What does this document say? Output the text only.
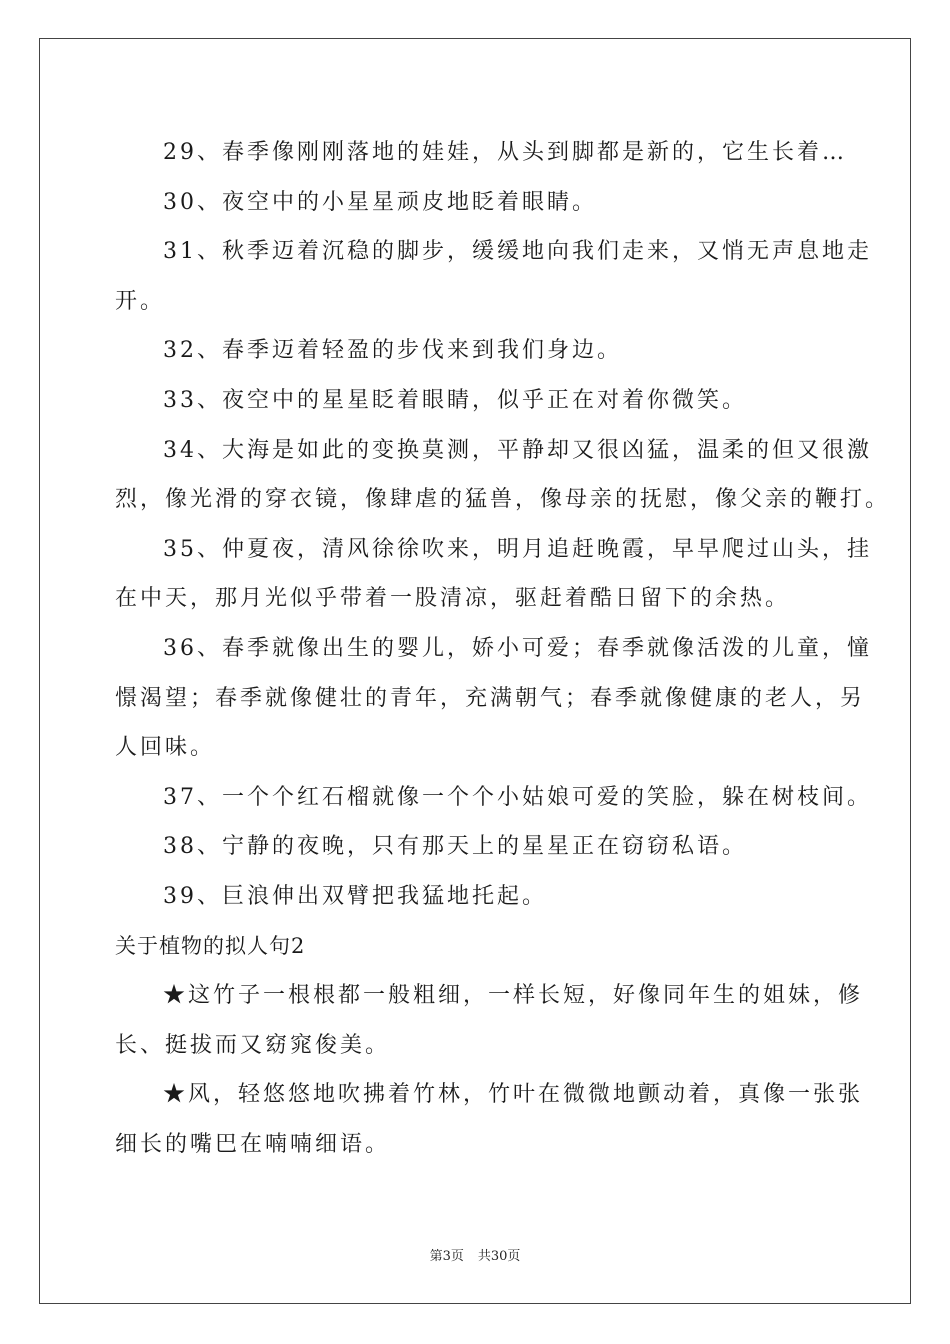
29、春季像刚刚落地的娃娃，从头到脚都是新的，它生长着…
30、夜空中的小星星顽皮地眨着眼睛。
31、秋季迈着沉稳的脚步，缓缓地向我们走来，又悄无声息地走
开。
32、春季迈着轻盈的步伐来到我们身边。
33、夜空中的星星眨着眼睛，似乎正在对着你微笑。
34、大海是如此的变换莫测，平静却又很凶猛，温柔的但又很激
烈，像光滑的穿衣镜，像肆虐的猛兽，像母亲的抚慰，像父亲的鞭打。
35、仲夏夜，清风徐徐吹来，明月追赶晚霞，早早爬过山头，挂
在中天，那月光似乎带着一股清凉，驱赶着酷日留下的余热。
36、春季就像出生的婴儿，娇小可爱；春季就像活泼的儿童，憧
憬渴望；春季就像健壮的青年，充满朝气；春季就像健康的老人，另
人回味。
37、一个个红石榴就像一个个小姑娘可爱的笑脸，躲在树枝间。
38、宁静的夜晚，只有那天上的星星正在窃窃私语。
39、巨浪伸出双臂把我猛地托起。
关于植物的拟人句2
★这竹子一根根都一般粗细，一样长短，好像同年生的姐妹，修
长、挺拔而又窈窕俊美。
★风，轻悠悠地吹拂着竹林，竹叶在微微地颤动着，真像一张张
细长的嘴巴在喃喃细语。
第3页 共30页
